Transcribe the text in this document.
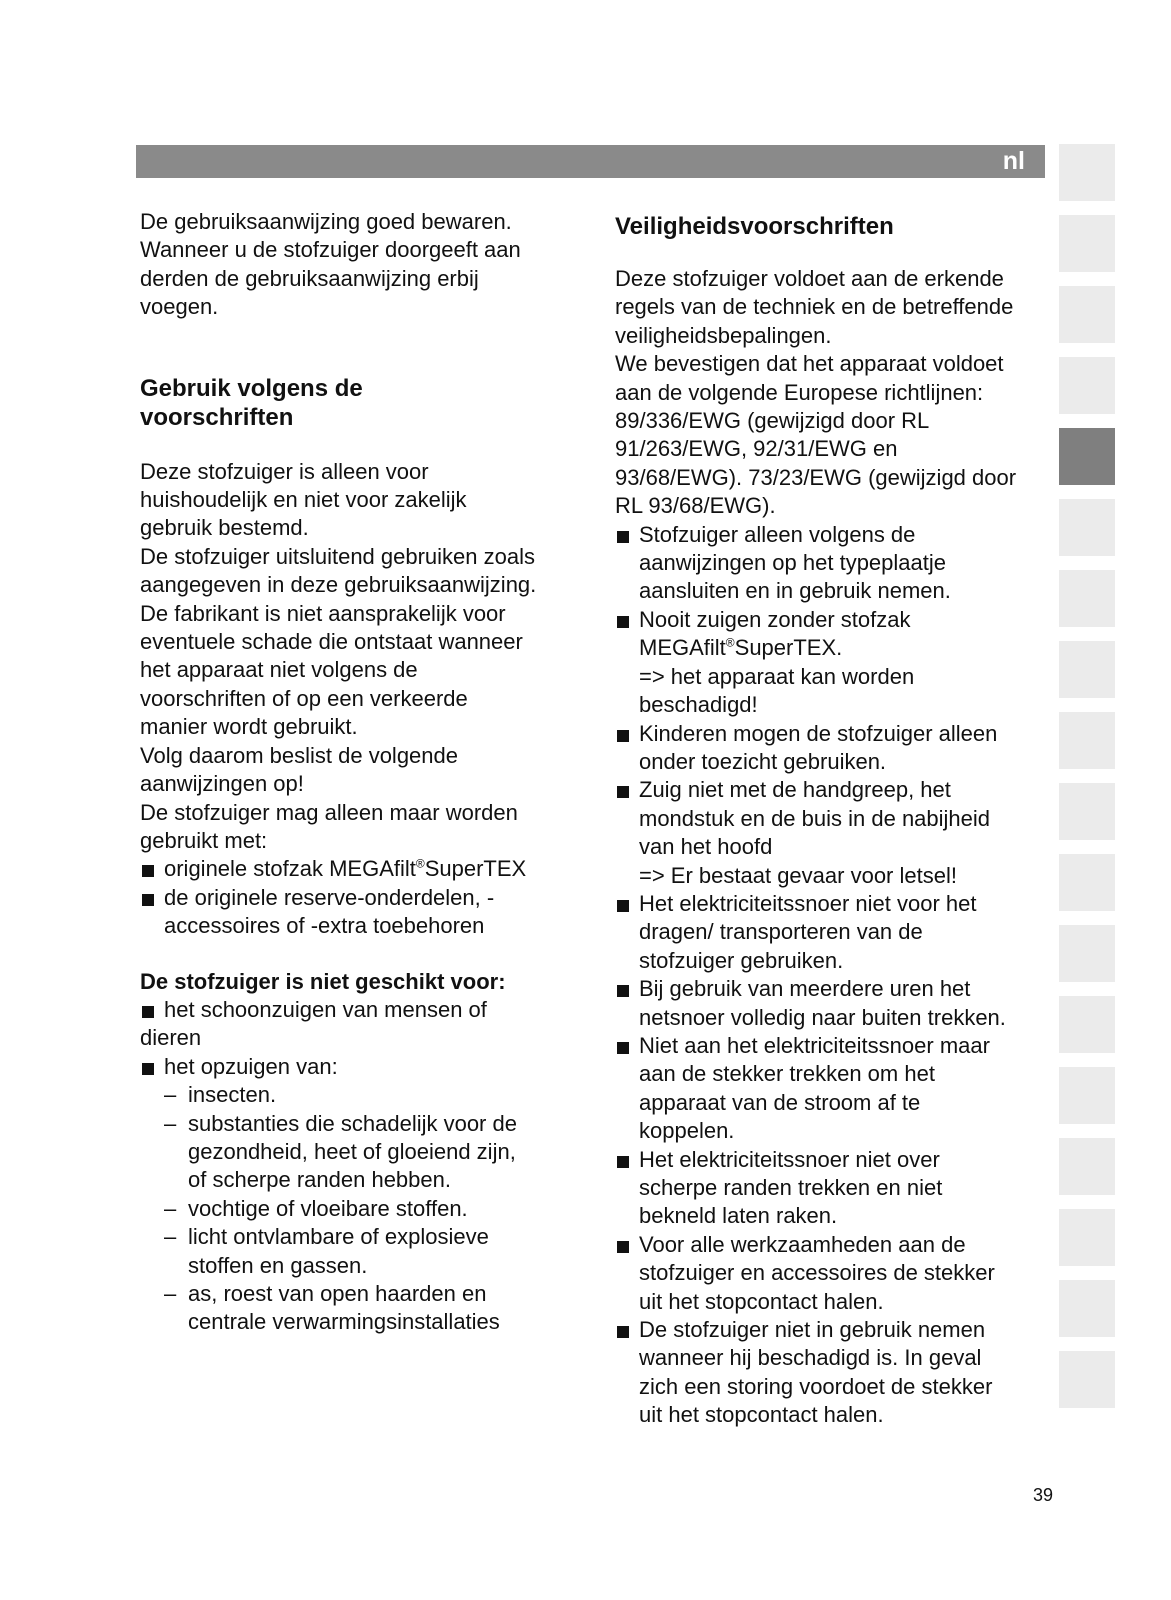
nl

De gebruiksaanwijzing goed bewaren.
Wanneer u de stofzuiger doorgeeft aan
derden de gebruiksaanwijzing erbij
voegen.

Gebruik volgens de voorschriften

Deze stofzuiger is alleen voor
huishoudelijk en niet voor zakelijk
gebruik bestemd.
De stofzuiger uitsluitend gebruiken zoals
aangegeven in deze gebruiksaanwijzing.
De fabrikant is niet aansprakelijk voor
eventuele schade die ontstaat wanneer
het apparaat niet volgens de
voorschriften of op een verkeerde
manier wordt gebruikt.
Volg daarom beslist de volgende
aanwijzingen op!
De stofzuiger mag alleen maar worden
gebruikt met:

originele stofzak MEGAfilt®SuperTEX
de originele reserve-onderdelen, -
accessoires of -extra toebehoren

De stofzuiger is niet geschikt voor:

het schoonzuigen van mensen of
dieren
het opzuigen van:
– insecten.
– substanties die schadelijk voor de
gezondheid, heet of gloeiend zijn,
of scherpe randen hebben.
– vochtige of vloeibare stoffen.
– licht ontvlambare of explosieve
stoffen en gassen.
– as, roest van open haarden en
centrale verwarmingsinstallaties

Veiligheidsvoorschriften

Deze stofzuiger voldoet aan de erkende
regels van de techniek en de betreffende
veiligheidsbepalingen.
We bevestigen dat het apparaat voldoet
aan de volgende Europese richtlijnen:
89/336/EWG (gewijzigd door RL
91/263/EWG, 92/31/EWG en
93/68/EWG). 73/23/EWG (gewijzigd door
RL 93/68/EWG).

Stofzuiger alleen volgens de
aanwijzingen op het typeplaatje
aansluiten en in gebruik nemen.
Nooit zuigen zonder stofzak
MEGAfilt®SuperTEX.
=> het apparaat kan worden
beschadigd!
Kinderen mogen de stofzuiger alleen
onder toezicht gebruiken.
Zuig niet met de handgreep, het
mondstuk en de buis in de nabijheid
van het hoofd
=> Er bestaat gevaar voor letsel!
Het elektriciteitssnoer niet voor het
dragen/ transporteren van de
stofzuiger gebruiken.
Bij gebruik van meerdere uren het
netsnoer volledig naar buiten trekken.
Niet aan het elektriciteitssnoer maar
aan de stekker trekken om het
apparaat van de stroom af te
koppelen.
Het elektriciteitssnoer niet over
scherpe randen trekken en niet
bekneld laten raken.
Voor alle werkzaamheden aan de
stofzuiger en accessoires de stekker
uit het stopcontact halen.
De stofzuiger niet in gebruik nemen
wanneer hij beschadigd is. In geval
zich een storing voordoet de stekker
uit het stopcontact halen.
39
